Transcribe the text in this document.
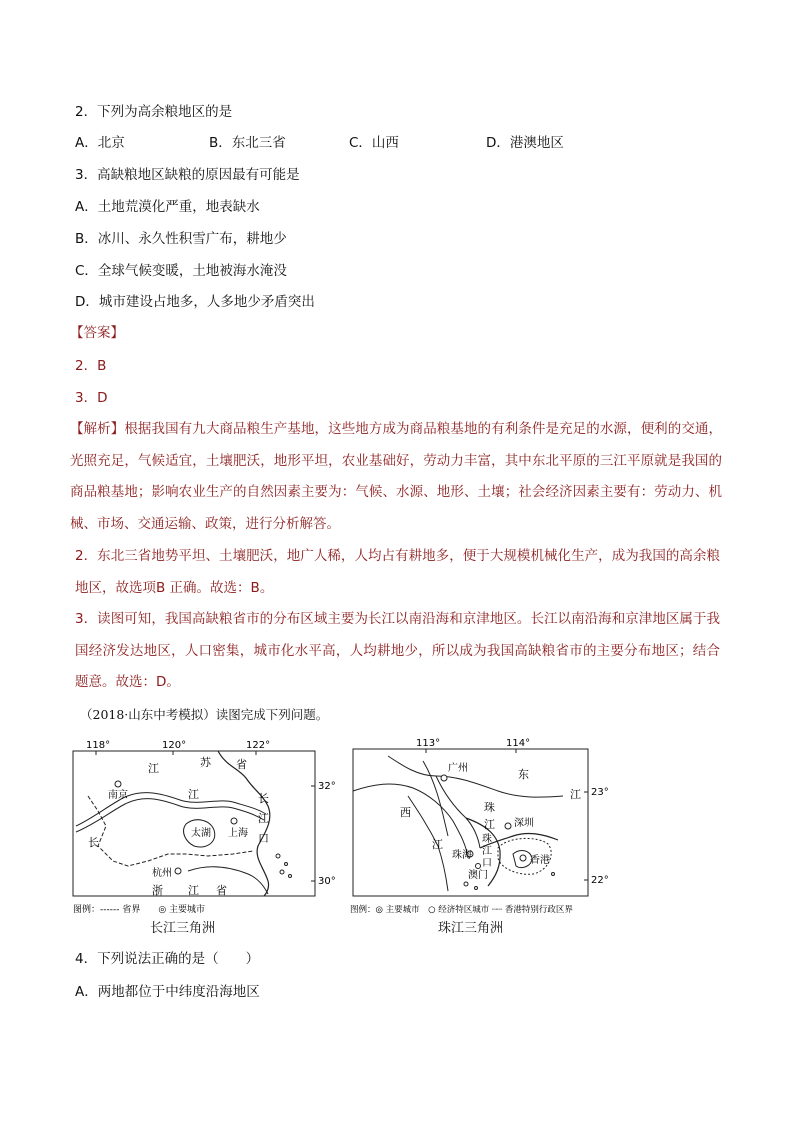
2．下列为高余粮地区的是
A．北京	B．东北三省	C．山西	D．港澳地区
3．高缺粮地区缺粮的原因最有可能是
A．土地荒漠化严重，地表缺水
B．冰川、永久性积雪广布，耕地少
C．全球气候变暖，土地被海水淹没
D．城市建设占地多，人多地少矛盾突出
【答案】
2．B
3．D
【解析】根据我国有九大商品粮生产基地，这些地方成为商品粮基地的有利条件是充足的水源，便利的交通，光照充足，气候适宜，土壤肥沃，地形平坦，农业基础好，劳动力丰富，其中东北平原的三江平原就是我国的商品粮基地；影响农业生产的自然因素主要为：气候、水源、地形、土壤；社会经济因素主要有：劳动力、机械、市场、交通运输、政策，进行分析解答。
2．东北三省地势平坦、土壤肥沃，地广人稀，人均占有耕地多，便于大规模机械化生产，成为我国的高余粮地区，故选项B 正确。故选：B。
3．读图可知，我国高缺粮省市的分布区域主要为长江以南沿海和京津地区。长江以南沿海和京津地区属于我国经济发达地区，人口密集，城市化水平高，人均耕地少，所以成为我国高缺粮省市的主要分布地区；结合题意。故选：D。
（2018·山东中考模拟）读图完成下列问题。
118°	120°	122°
32°
30°
江	苏 省
南京
长
江
太湖 上海
长
江
口
杭州
浙 江 省
图例：------ 省界　　◎ 主要城市
长江三角洲
113°	114°
23°
22°
广州	东
江
西
江
珠
江 深圳
珠海
珠
江
口
澳门
香港
图例：◎ 主要城市　○ 经济特区城市 ┈┈ 香港特别行政区界
珠江三角洲
4．下列说法正确的是（　　）
A．两地都位于中纬度沿海地区
